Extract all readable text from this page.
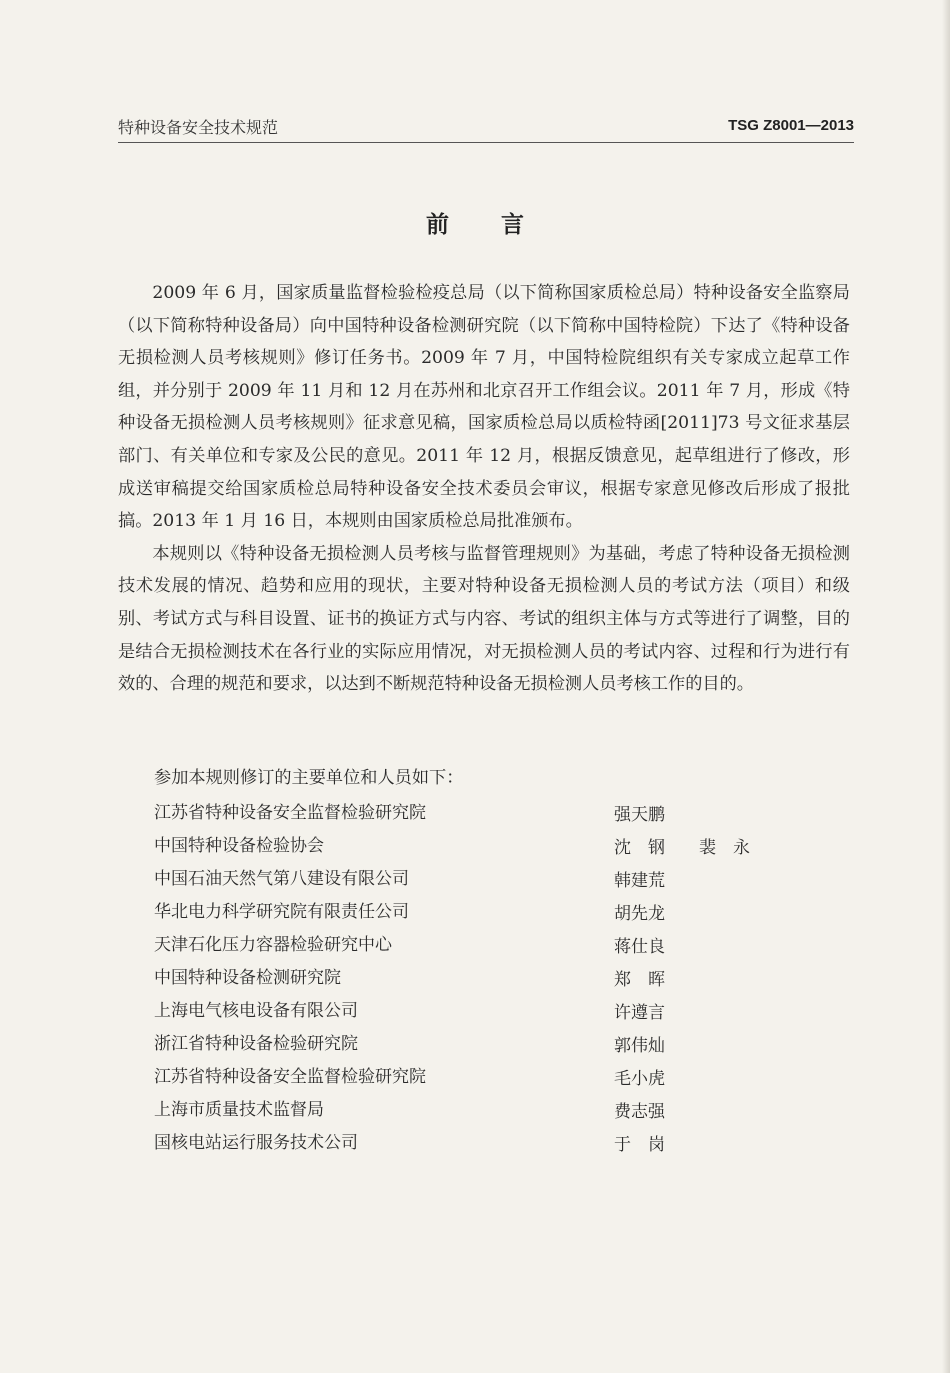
特种设备安全技术规范	TSG Z8001—2013
前言

2009 年 6 月，国家质量监督检验检疫总局（以下简称国家质检总局）特种设备安全监察局（以下简称特种设备局）向中国特种设备检测研究院（以下简称中国特检院）下达了《特种设备无损检测人员考核规则》修订任务书。2009 年 7 月，中国特检院组织有关专家成立起草工作组，并分别于 2009 年 11 月和 12 月在苏州和北京召开工作组会议。2011 年 7 月，形成《特种设备无损检测人员考核规则》征求意见稿，国家质检总局以质检特函[2011]73 号文征求基层部门、有关单位和专家及公民的意见。2011 年 12 月，根据反馈意见，起草组进行了修改，形成送审稿提交给国家质检总局特种设备安全技术委员会审议，根据专家意见修改后形成了报批搞。2013 年 1 月 16 日，本规则由国家质检总局批准颁布。

本规则以《特种设备无损检测人员考核与监督管理规则》为基础，考虑了特种设备无损检测技术发展的情况、趋势和应用的现状，主要对特种设备无损检测人员的考试方法（项目）和级别、考试方式与科目设置、证书的换证方式与内容、考试的组织主体与方式等进行了调整，目的是结合无损检测技术在各行业的实际应用情况，对无损检测人员的考试内容、过程和行为进行有效的、合理的规范和要求，以达到不断规范特种设备无损检测人员考核工作的目的。

参加本规则修订的主要单位和人员如下：
江苏省特种设备安全监督检验研究院	强天鹏
中国特种设备检验协会	沈　钢　　裴　永
中国石油天然气第八建设有限公司	韩建荒
华北电力科学研究院有限责任公司	胡先龙
天津石化压力容器检验研究中心	蒋仕良
中国特种设备检测研究院	郑　晖
上海电气核电设备有限公司	许遵言
浙江省特种设备检验研究院	郭伟灿
江苏省特种设备安全监督检验研究院	毛小虎
上海市质量技术监督局	费志强
国核电站运行服务技术公司	于　岗
